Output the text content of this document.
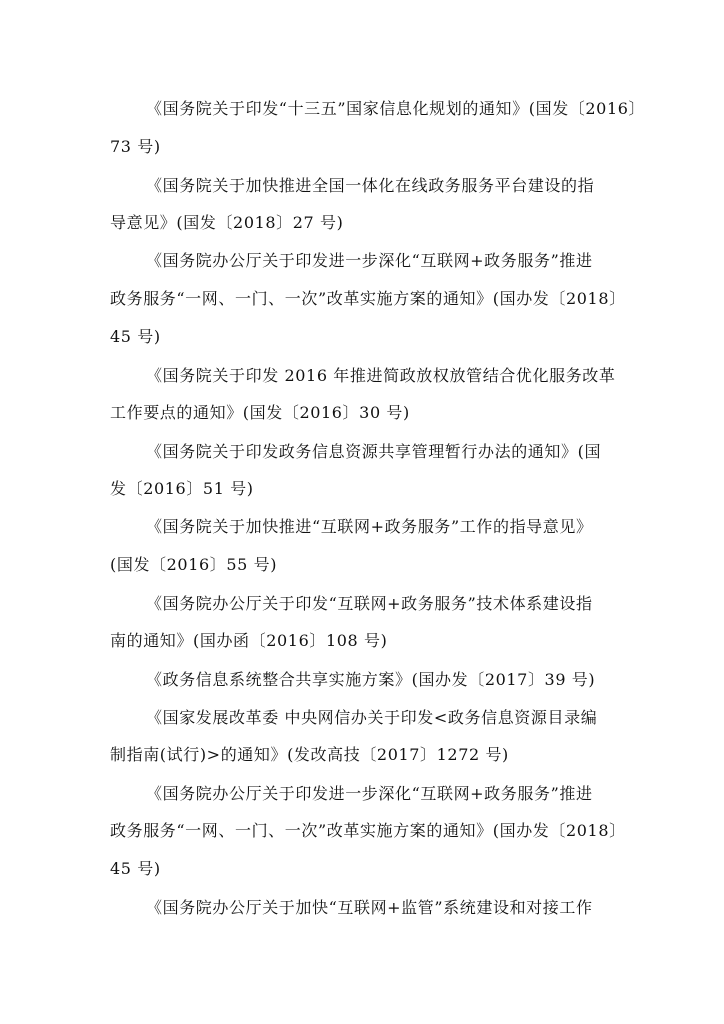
《国务院关于印发“十三五”国家信息化规划的通知》(国发〔2016〕
73 号)
《国务院关于加快推进全国一体化在线政务服务平台建设的指
导意见》(国发〔2018〕27 号)
《国务院办公厅关于印发进一步深化“互联网+政务服务”推进
政务服务“一网、一门、一次”改革实施方案的通知》(国办发〔2018〕
45 号)
《国务院关于印发 2016 年推进简政放权放管结合优化服务改革
工作要点的通知》(国发〔2016〕30 号)
《国务院关于印发政务信息资源共享管理暂行办法的通知》(国
发〔2016〕51 号)
《国务院关于加快推进“互联网+政务服务”工作的指导意见》
(国发〔2016〕55 号)
《国务院办公厅关于印发“互联网+政务服务”技术体系建设指
南的通知》(国办函〔2016〕108 号)
《政务信息系统整合共享实施方案》(国办发〔2017〕39 号)
《国家发展改革委 中央网信办关于印发<政务信息资源目录编
制指南(试行)>的通知》(发改高技〔2017〕1272 号)
《国务院办公厅关于印发进一步深化“互联网+政务服务”推进
政务服务“一网、一门、一次”改革实施方案的通知》(国办发〔2018〕
45 号)
《国务院办公厅关于加快“互联网+监管”系统建设和对接工作
